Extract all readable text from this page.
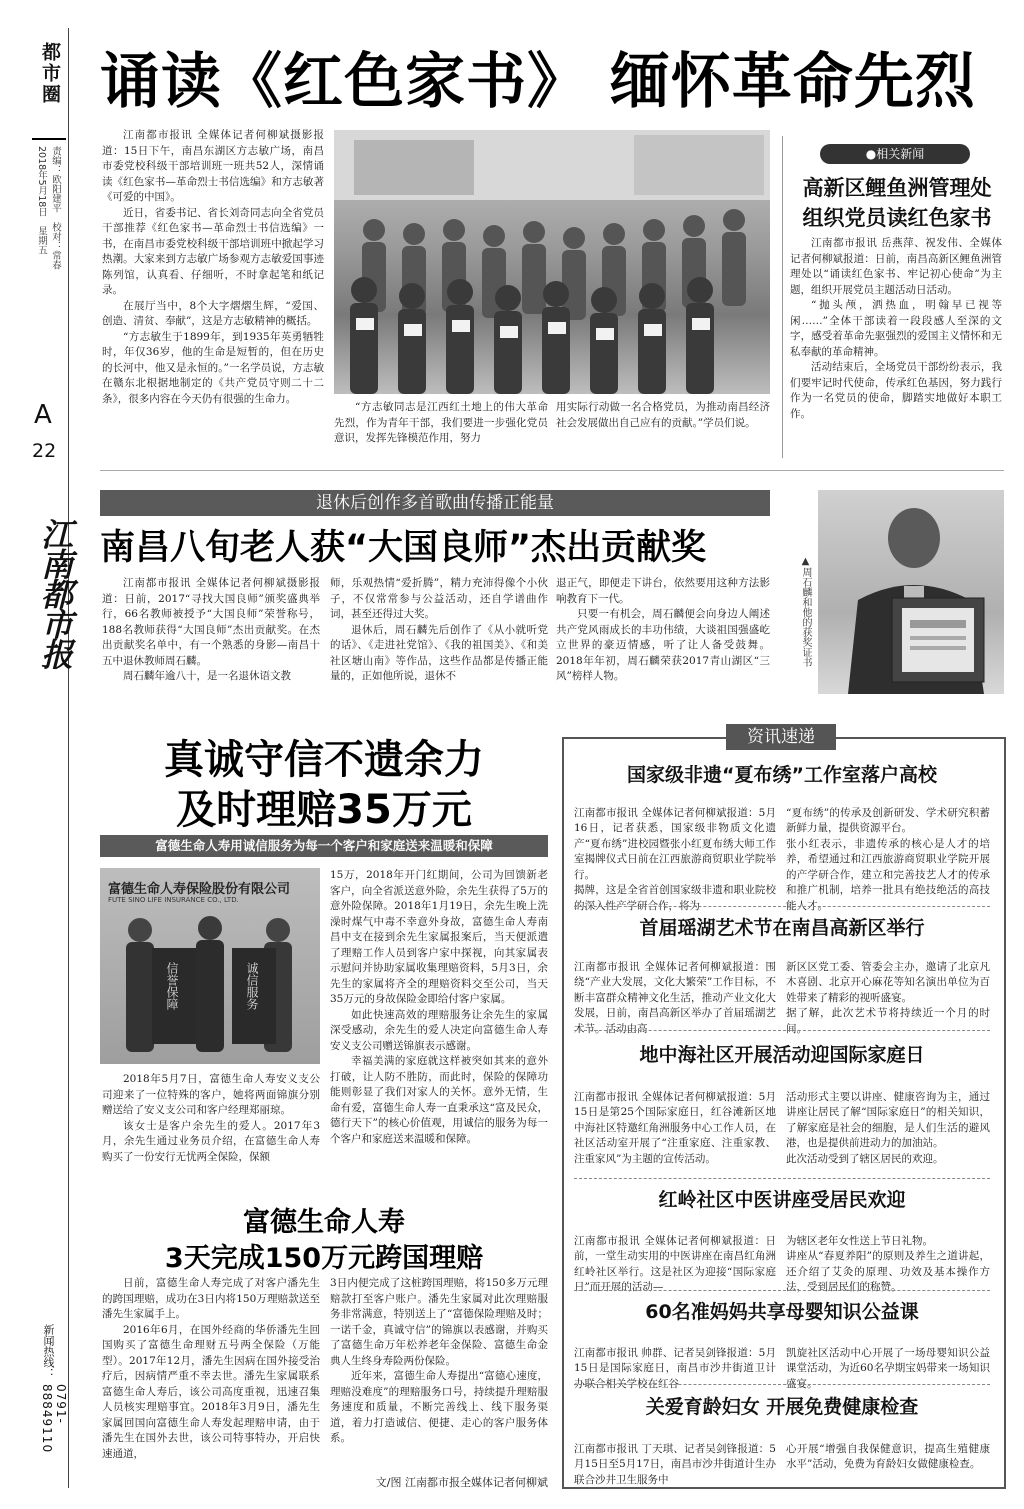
都市圈
责编：欧阳建平　校对：常春
2018年5月18日　星期五
A
22
江南都市报
新闻热线：
0791-88849110
诵读《红色家书》 缅怀革命先烈

江南都市报讯 全媒体记者何柳斌摄影报道：15日下午，南昌东湖区方志敏广场，南昌市委党校科级干部培训班一班共52人，深情诵读《红色家书—革命烈士书信选编》和方志敏著《可爱的中国》。

近日，省委书记、省长刘奇同志向全省党员干部推荐《红色家书—革命烈士书信选编》一书，在南昌市委党校科级干部培训班中掀起学习热潮。大家来到方志敏广场参观方志敏爱国事迹陈列馆，认真看、仔细听，不时拿起笔和纸记录。

在展厅当中，8个大字熠熠生辉，“爱国、创造、清贫、奉献”，这是方志敏精神的概括。

“方志敏生于1899年，到1935年英勇牺牲时，年仅36岁，他的生命是短暂的，但在历史的长河中，他又是永恒的。”一名学员说，方志敏在赣东北根据地制定的《共产党员守则二十二条》，很多内容在今天仍有很强的生命力。

“方志敏同志是江西红土地上的伟大革命先烈，作为青年干部，我们要进一步强化党员意识，发挥先锋模范作用，努力

用实际行动做一名合格党员，为推动南昌经济社会发展做出自己应有的贡献。”学员们说。

●相关新闻
高新区鲤鱼洲管理处
组织党员读红色家书

江南都市报讯 岳燕萍、祝发伟、全媒体记者何柳斌报道：日前，南昌高新区鲤鱼洲管理处以“诵读红色家书、牢记初心使命”为主题，组织开展党员主题活动日活动。

“抛头颅，洒热血，明翰早已视等闲……”全体干部读着一段段感人至深的文字，感受着革命先驱强烈的爱国主义情怀和无私奉献的革命精神。

活动结束后，全场党员干部纷纷表示，我们要牢记时代使命，传承红色基因，努力践行作为一名党员的使命，脚踏实地做好本职工作。

退休后创作多首歌曲传播正能量
南昌八旬老人获“大国良师”杰出贡献奖

江南都市报讯 全媒体记者何柳斌摄影报道：日前，2017“寻找大国良师”颁奖盛典举行，66名教师被授予“大国良师”荣誉称号，188名教师获得“大国良师”杰出贡献奖。在杰出贡献奖名单中，有一个熟悉的身影—南昌十五中退休教师周石麟。

周石麟年逾八十，是一名退休语文教

师，乐观热情“爱折腾”，精力充沛得像个小伙子，不仅常常参与公益活动，还自学谱曲作词，甚至还得过大奖。

退休后，周石麟先后创作了《从小就听党的话》、《走进社党馆》、《我的祖国美》、《和美社区塘山南》等作品，这些作品都是传播正能量的，正如他所说，退休不

退正气，即便走下讲台，依然要用这种方法影响教育下一代。

只要一有机会，周石麟便会向身边人阐述共产党风雨成长的丰功伟绩，大谈祖国强盛屹立世界的豪迈情感，听了让人备受鼓舞。2018年年初，周石麟荣获2017青山湖区“三风”榜样人物。

▲周石麟和他的获奖证书
真诚守信不遗余力
及时理赔35万元
富德生命人寿用诚信服务为每一个客户和家庭送来温暖和保障
富德生命人寿保险股份有限公司
FUTE SINO LIFE INSURANCE CO., LTD.
信誉保障	诚信服务

2018年5月7日，富德生命人寿安义支公司迎来了一位特殊的客户，她将两面锦旗分别赠送给了安义支公司和客户经理郑丽琼。

该女士是客户余先生的爱人。2017年3月，余先生通过业务员介绍，在富德生命人寿购买了一份安行无忧两全保险，保额

15万，2018年开门红期间，公司为回馈新老客户，向全省派送意外险，余先生获得了5万的意外险保障。2018年1月19日，余先生晚上洗澡时煤气中毒不幸意外身故，富德生命人寿南昌中支在接到余先生家属报案后，当天便派遣了理赔工作人员到客户家中探视，向其家属表示慰问并协助家属收集理赔资料，5月3日，余先生的家属将齐全的理赔资料交至公司，当天35万元的身故保险金即给付客户家属。

如此快速高效的理赔服务让余先生的家属深受感动，余先生的爱人决定向富德生命人寿安义支公司赠送锦旗表示感谢。

幸福美满的家庭就这样被突如其来的意外打破，让人防不胜防，而此时，保险的保障功能则彰显了我们对家人的关怀。意外无情，生命有爱，富德生命人寿一直秉承这“富及民众，德行天下”的核心价值观，用诚信的服务为每一个客户和家庭送来温暖和保障。

富德生命人寿
3天完成150万元跨国理赔

日前，富德生命人寿完成了对客户潘先生的跨国理赔，成功在3日内将150万理赔款送至潘先生家属手上。

2016年6月，在国外经商的华侨潘先生回国购买了富德生命理财五号两全保险（万能型）。2017年12月，潘先生因病在国外接受治疗后，因病情严重不幸去世。潘先生家属联系富德生命人寿后，该公司高度重视，迅速召集人员核实理赔事宜。2018年3月9日，潘先生家属回国向富德生命人寿发起理赔申请，由于潘先生在国外去世，该公司特事特办，开启快速通道，

3日内便完成了这桩跨国理赔，将150多万元理赔款打至客户账户。潘先生家属对此次理赔服务非常满意，特别送上了“富德保险理赔及时；一诺千金，真诚守信”的锦旗以表感谢，并购买了富德生命万年松养老年金保险、富德生命金典人生终身寿险两份保险。

近年来，富德生命人寿提出“富德心速度，理赔没难度”的理赔服务口号，持续提升理赔服务速度和质量，不断完善线上、线下服务渠道，着力打造诚信、便捷、走心的客户服务体系。

文/图 江南都市报全媒体记者何柳斌
资讯速递
国家级非遗“夏布绣”工作室落户高校

江南都市报讯 全媒体记者何柳斌报道：5月16日，记者获悉，国家级非物质文化遗产“夏布绣”进校园暨张小红夏布绣大师工作室揭牌仪式日前在江西旅游商贸职业学院举行。
揭牌，这是全省首创国家级非遗和职业院校的深入性产学研合作，将为

“夏布绣”的传承及创新研发、学术研究积蓄新鲜力量，提供资源平台。
张小红表示，非遗传承的核心是人才的培养，希望通过和江西旅游商贸职业学院开展的产学研合作，建立和完善技艺人才的传承和推广机制，培养一批具有绝技绝活的高技能人才。

首届瑶湖艺术节在南昌高新区举行

江南都市报讯 全媒体记者何柳斌报道：围绕“产业大发展，文化大繁荣”工作目标，不断丰富群众精神文化生活，推动产业文化大发展，日前，南昌高新区举办了首届瑶湖艺术节。活动由高

新区区党工委、管委会主办，邀请了北京凡木喜剧、北京开心麻花等知名演出单位为百姓带来了精彩的视听盛宴。
据了解，此次艺术节将持续近一个月的时间。

地中海社区开展活动迎国际家庭日

江南都市报讯 全媒体记者何柳斌报道：5月15日是第25个国际家庭日，红谷滩新区地中海社区特邀红角洲服务中心工作人员，在社区活动室开展了“注重家庭、注重家教、注重家风”为主题的宣传活动。

活动形式主要以讲座、健康咨询为主，通过讲座让居民了解“国际家庭日”的相关知识，了解家庭是社会的细胞，是人们生活的避风港，也是提供前进动力的加油站。
此次活动受到了辖区居民的欢迎。

红岭社区中医讲座受居民欢迎

江南都市报讯 全媒体记者何柳斌报道：日前，一堂生动实用的中医讲座在南昌红角洲红岭社区举行。这是社区为迎接“国际家庭日”而开展的活动—

为辖区老年女性送上节日礼物。
讲座从“春夏养阳”的原则及养生之道讲起，还介绍了艾灸的原理、功效及基本操作方法，受到居民们的称赞。

60名准妈妈共享母婴知识公益课

江南都市报讯 帅群、记者吴剑锋报道：5月15日是国际家庭日，南昌市沙井街道卫计办联合相关学校在红谷

凯旋社区活动中心开展了一场母婴知识公益课堂活动，为近60名孕期宝妈带来一场知识盛宴。

关爱育龄妇女 开展免费健康检查

江南都市报讯 丁天琪、记者吴剑锋报道：5月15日至5月17日，南昌市沙井街道计生办联合沙井卫生服务中

心开展“增强自我保健意识，提高生殖健康水平”活动，免费为育龄妇女做健康检查。
